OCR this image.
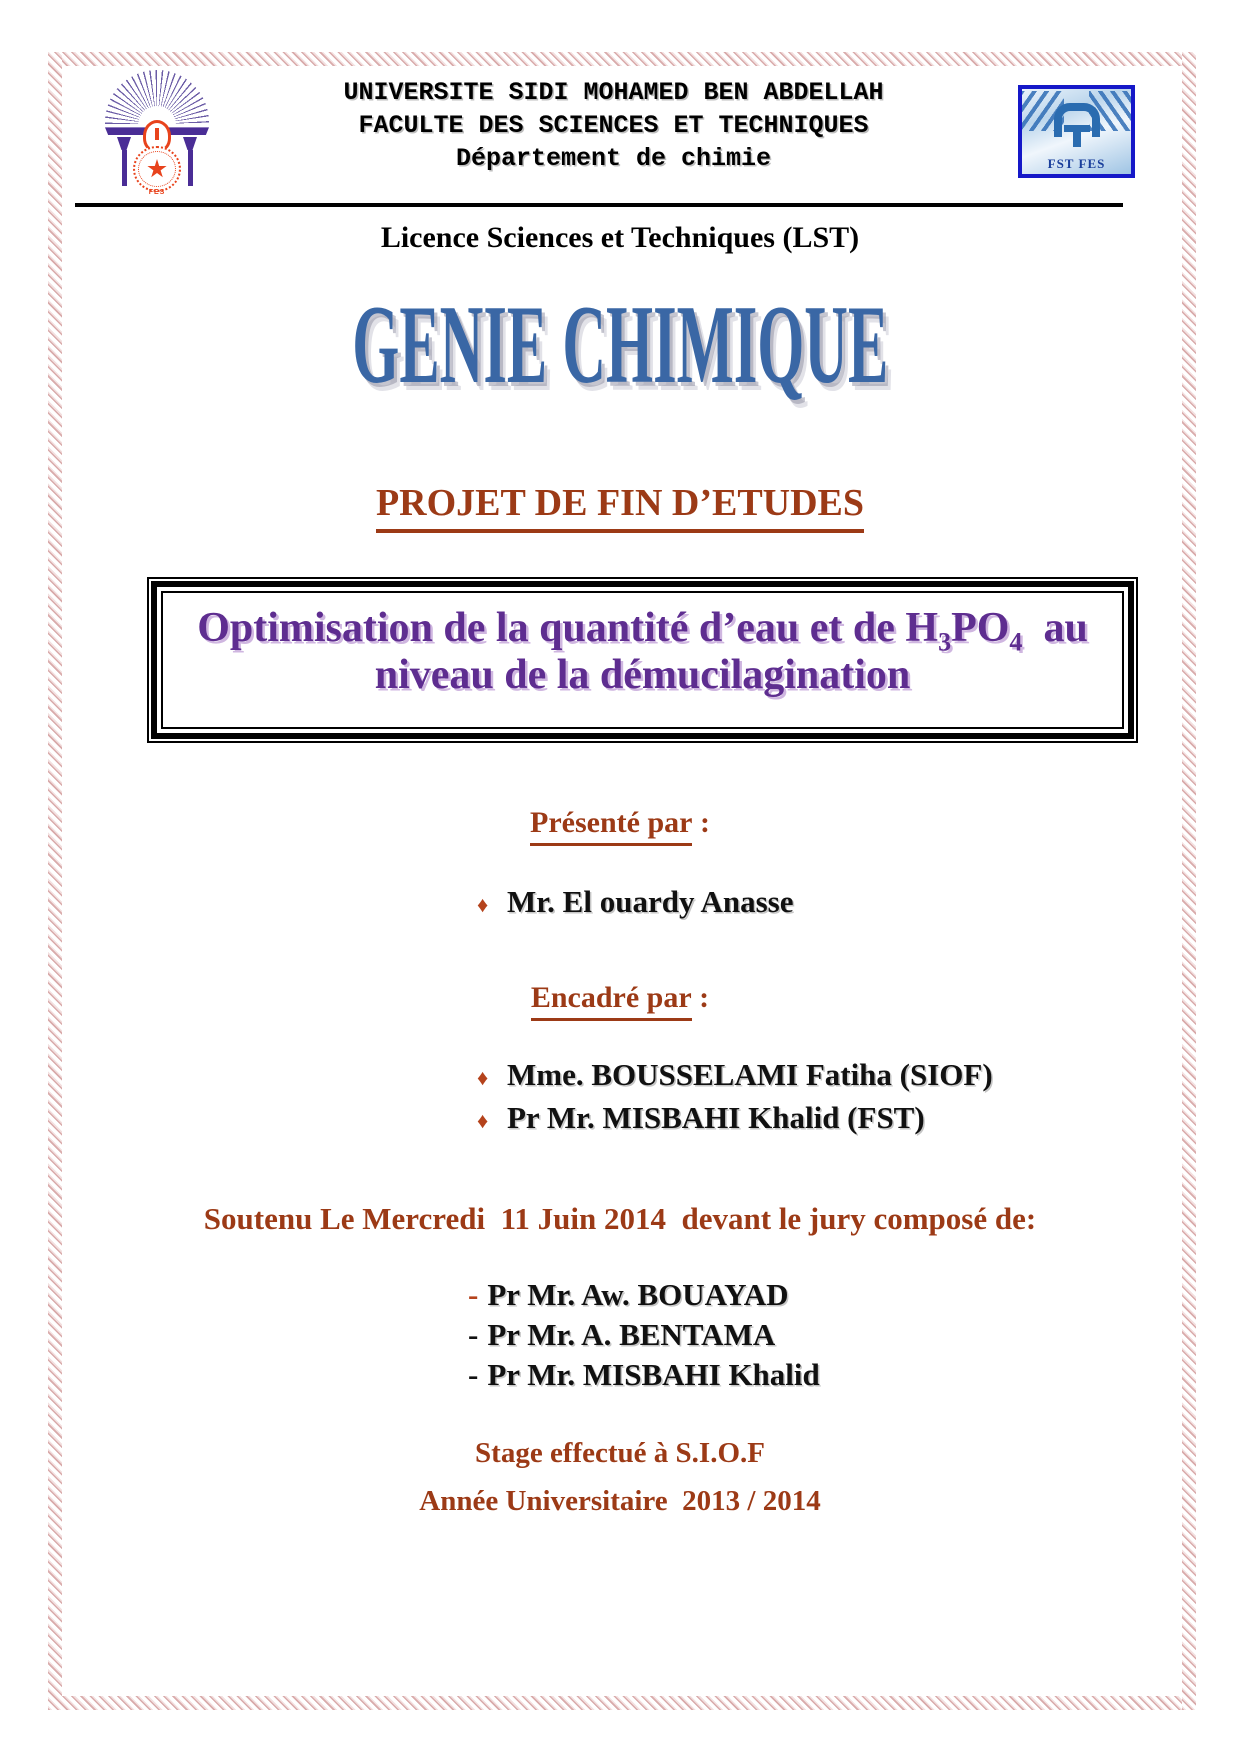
FES
UNIVERSITE SIDI MOHAMED BEN ABDELLAH
FACULTE DES SCIENCES ET TECHNIQUES
Département de chimie	FST FES
Licence Sciences et Techniques (LST)
GENIE CHIMIQUE
PROJET DE FIN D’ETUDES
Optimisation de la quantité d’eau et de $H_3PO_4$  au
niveau de la démucilagination
Présenté par :
♦ Mr. El ouardy Anasse
Encadré par :
♦ Mme. BOUSSELAMI Fatiha (SIOF)
♦ Pr Mr. MISBAHI Khalid (FST)
Soutenu Le Mercredi  11 Juin 2014  devant le jury composé de:
- Pr Mr. Aw. BOUAYAD
- Pr Mr. A. BENTAMA
- Pr Mr. MISBAHI Khalid
Stage effectué à S.I.O.F
Année Universitaire  2013 / 2014
